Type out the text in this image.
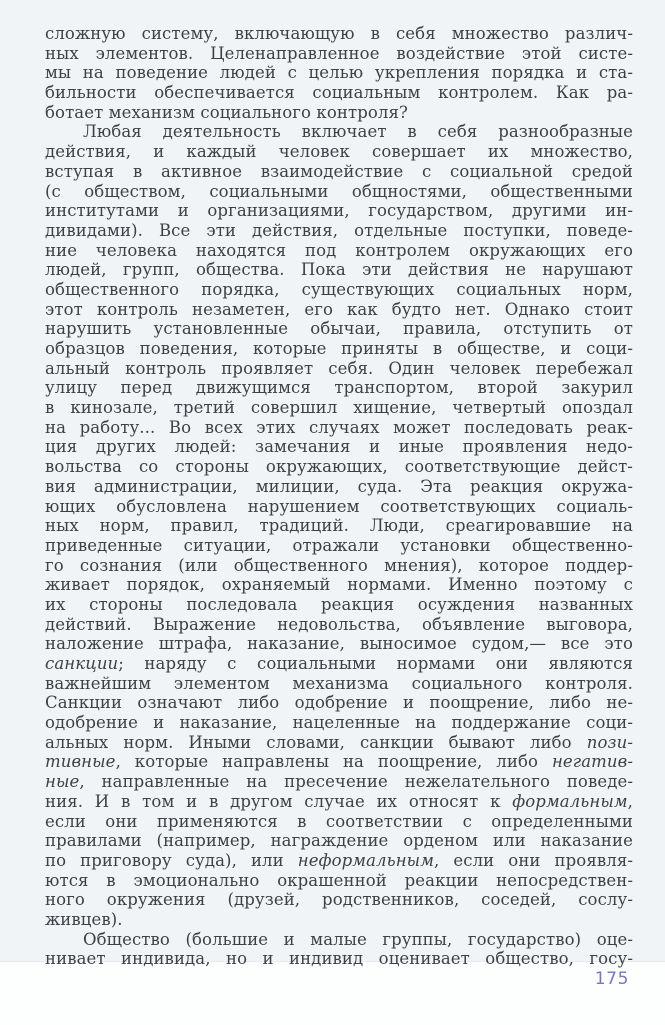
сложную систему, включающую в себя множество различ-
ных элементов. Целенаправленное воздействие этой систе-
мы на поведение людей с целью укрепления порядка и ста-
бильности обеспечивается социальным контролем. Как ра-
ботает механизм социального контроля?
Любая деятельность включает в себя разнообразные
действия, и каждый человек совершает их множество,
вступая в активное взаимодействие с социальной средой
(с обществом, социальными общностями, общественными
институтами и организациями, государством, другими ин-
дивидами). Все эти действия, отдельные поступки, поведе-
ние человека находятся под контролем окружающих его
людей, групп, общества. Пока эти действия не нарушают
общественного порядка, существующих социальных норм,
этот контроль незаметен, его как будто нет. Однако стоит
нарушить установленные обычаи, правила, отступить от
образцов поведения, которые приняты в обществе, и соци-
альный контроль проявляет себя. Один человек перебежал
улицу перед движущимся транспортом, второй закурил
в кинозале, третий совершил хищение, четвертый опоздал
на работу... Во всех этих случаях может последовать реак-
ция других людей: замечания и иные проявления недо-
вольства со стороны окружающих, соответствующие дейст-
вия администрации, милиции, суда. Эта реакция окружа-
ющих обусловлена нарушением соответствующих социаль-
ных норм, правил, традиций. Люди, среагировавшие на
приведенные ситуации, отражали установки общественно-
го сознания (или общественного мнения), которое поддер-
живает порядок, охраняемый нормами. Именно поэтому с
их стороны последовала реакция осуждения названных
действий. Выражение недовольства, объявление выговора,
наложение штрафа, наказание, выносимое судом,— все это
санкции; наряду с социальными нормами они являются
важнейшим элементом механизма социального контроля.
Санкции означают либо одобрение и поощрение, либо не-
одобрение и наказание, нацеленные на поддержание соци-
альных норм. Иными словами, санкции бывают либо пози-
тивные, которые направлены на поощрение, либо негатив-
ные, направленные на пресечение нежелательного поведе-
ния. И в том и в другом случае их относят к формальным,
если они применяются в соответствии с определенными
правилами (например, награждение орденом или наказание
по приговору суда), или неформальным, если они проявля-
ются в эмоционально окрашенной реакции непосредствен-
ного окружения (друзей, родственников, соседей, сослу-
живцев).
Общество (большие и малые группы, государство) оце-
нивает индивида, но и индивид оценивает общество, госу-
175
